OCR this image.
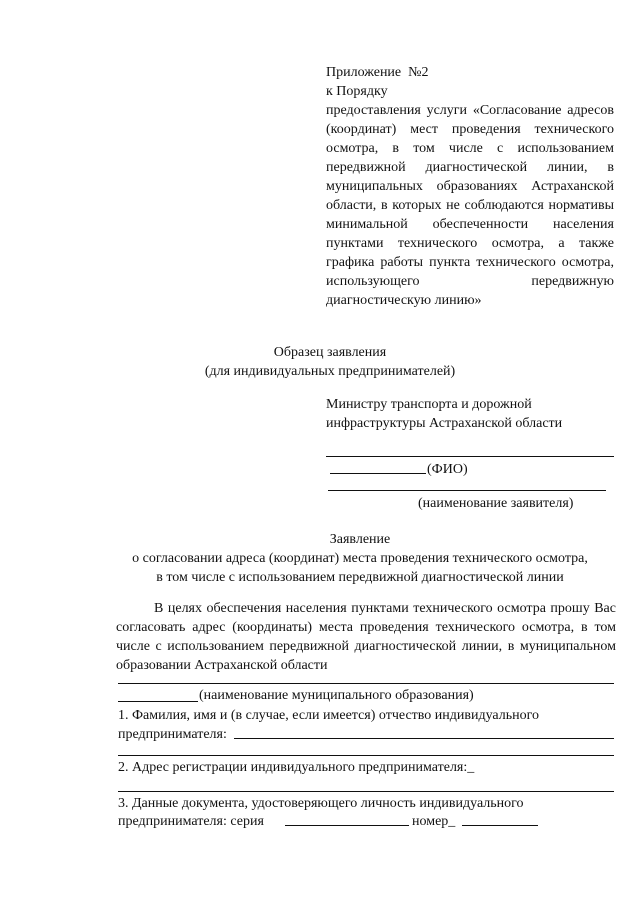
Приложение  №2
к Порядку
предоставления услуги «Согласование адресов (координат) мест проведения технического осмотра, в том числе с использованием передвижной диагностической линии, в муниципальных образованиях Астраханской области, в которых не соблюдаются нормативы минимальной обеспеченности населения пунктами технического осмотра, а также графика работы пункта технического осмотра, использующего передвижную диагностическую линию»
Образец заявления
(для индивидуальных предпринимателей)
Министру транспорта и дорожной инфраструктуры Астраханской области
(ФИО)
(наименование заявителя)
Заявление
о согласовании адреса (координат) места проведения технического осмотра,
в том числе с использованием передвижной диагностической линии
В целях обеспечения населения пунктами технического осмотра прошу Вас согласовать адрес (координаты) места проведения технического осмотра, в том числе с использованием передвижной диагностической линии, в муниципальном образовании Астраханской области
(наименование муниципального образования)
1. Фамилия, имя и (в случае, если имеется) отчество индивидуального
предпринимателя:
2. Адрес регистрации индивидуального предпринимателя:_
3. Данные документа, удостоверяющего личность индивидуального
предпринимателя: серия	номер_
